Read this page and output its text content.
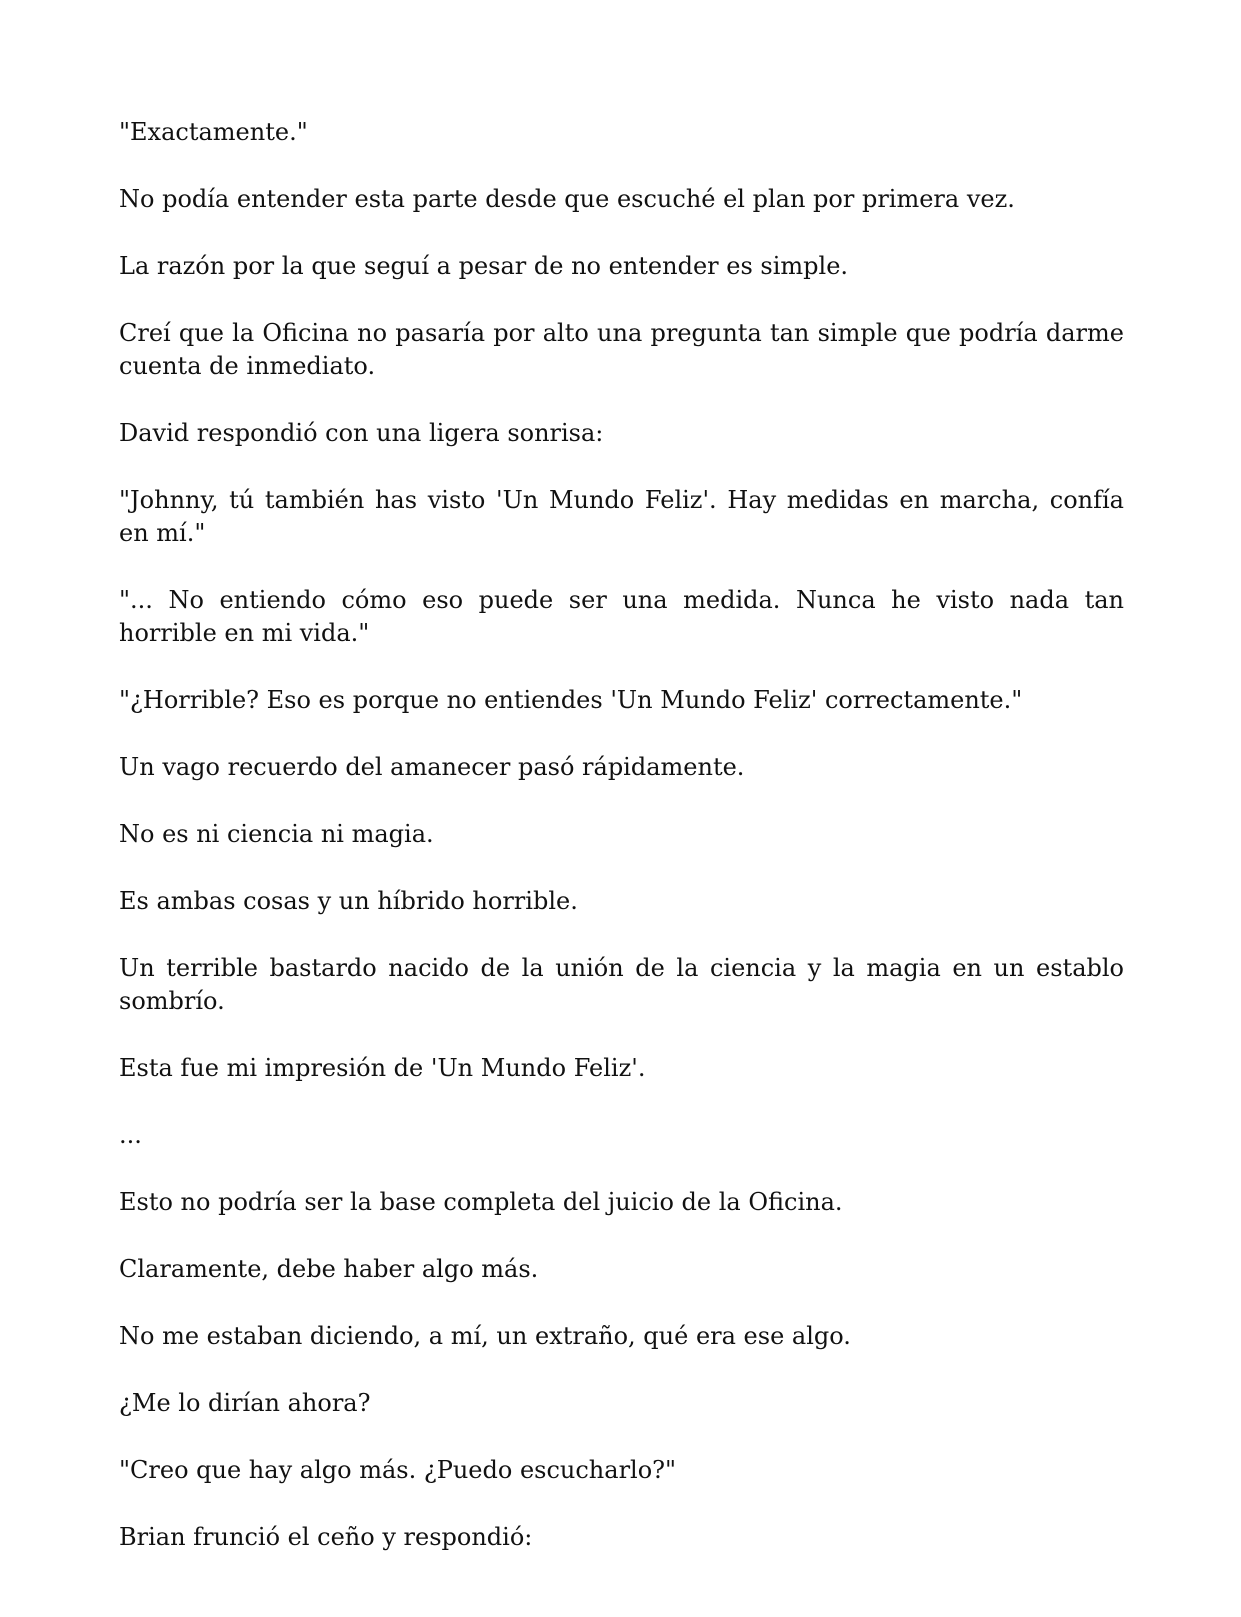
"Exactamente."

No podía entender esta parte desde que escuché el plan por primera vez.

La razón por la que seguí a pesar de no entender es simple.

Creí que la Oficina no pasaría por alto una pregunta tan simple que podría darme cuenta de inmediato.

David respondió con una ligera sonrisa:

"Johnny, tú también has visto 'Un Mundo Feliz'. Hay medidas en marcha, confía en mí."

"... No entiendo cómo eso puede ser una medida. Nunca he visto nada tan horrible en mi vida."

"¿Horrible? Eso es porque no entiendes 'Un Mundo Feliz' correctamente."

Un vago recuerdo del amanecer pasó rápidamente.

No es ni ciencia ni magia.

Es ambas cosas y un híbrido horrible.

Un terrible bastardo nacido de la unión de la ciencia y la magia en un establo sombrío.

Esta fue mi impresión de 'Un Mundo Feliz'.

...

Esto no podría ser la base completa del juicio de la Oficina.

Claramente, debe haber algo más.

No me estaban diciendo, a mí, un extraño, qué era ese algo.

¿Me lo dirían ahora?

"Creo que hay algo más. ¿Puedo escucharlo?"

Brian frunció el ceño y respondió:
